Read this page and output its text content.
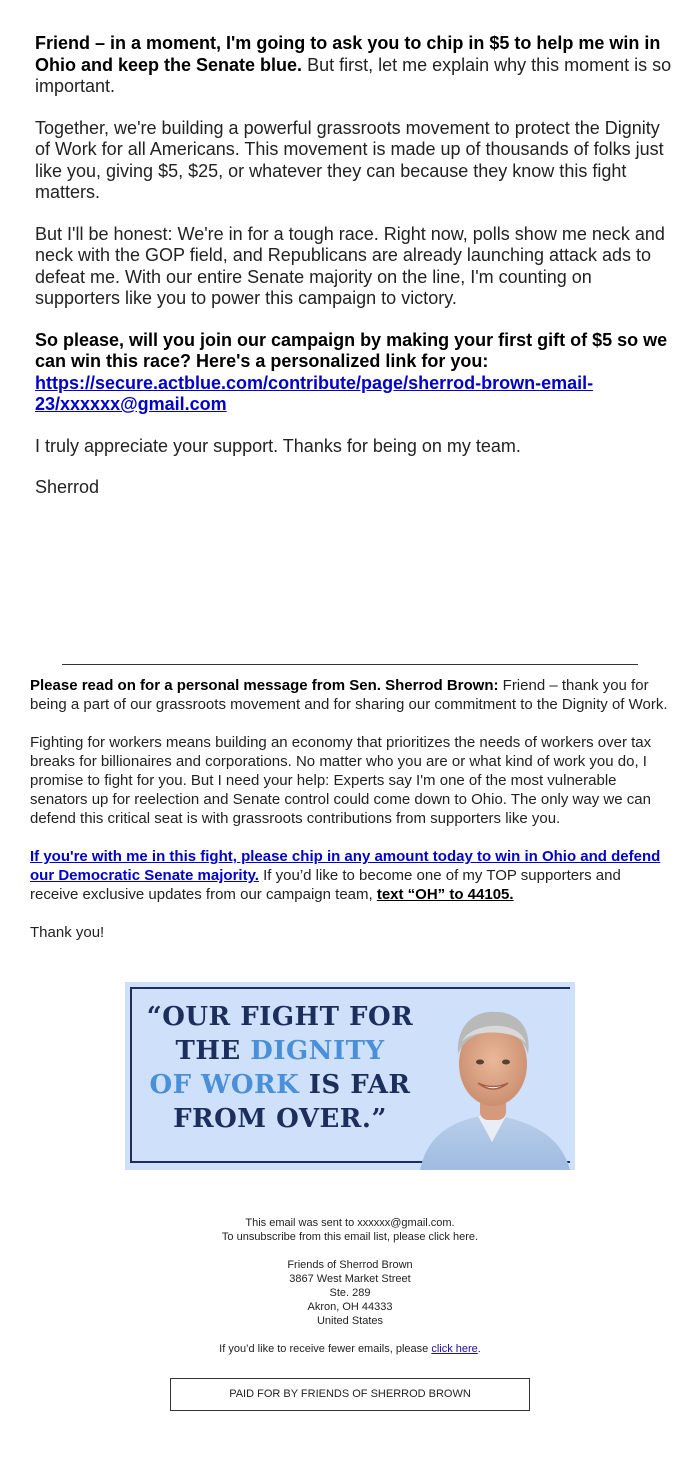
Friend – in a moment, I'm going to ask you to chip in $5 to help me win in Ohio and keep the Senate blue. But first, let me explain why this moment is so important.

Together, we're building a powerful grassroots movement to protect the Dignity of Work for all Americans. This movement is made up of thousands of folks just like you, giving $5, $25, or whatever they can because they know this fight matters.

But I'll be honest: We're in for a tough race. Right now, polls show me neck and neck with the GOP field, and Republicans are already launching attack ads to defeat me. With our entire Senate majority on the line, I'm counting on supporters like you to power this campaign to victory.

So please, will you join our campaign by making your first gift of $5 so we can win this race? Here's a personalized link for you: https://secure.actblue.com/contribute/page/sherrod-brown-email-23/xxxxxx@gmail.com

I truly appreciate your support. Thanks for being on my team.

Sherrod

Please read on for a personal message from Sen. Sherrod Brown: Friend – thank you for being a part of our grassroots movement and for sharing our commitment to the Dignity of Work.

Fighting for workers means building an economy that prioritizes the needs of workers over tax breaks for billionaires and corporations. No matter who you are or what kind of work you do, I promise to fight for you. But I need your help: Experts say I'm one of the most vulnerable senators up for reelection and Senate control could come down to Ohio. The only way we can defend this critical seat is with grassroots contributions from supporters like you.

If you're with me in this fight, please chip in any amount today to win in Ohio and defend our Democratic Senate majority. If you’d like to become one of my TOP supporters and receive exclusive updates from our campaign team, text “OH” to 44105.

Thank you!

“OUR FIGHT FOR
THE DIGNITY
OF WORK IS FAR
FROM OVER.”

This email was sent to xxxxxx@gmail.com.
To unsubscribe from this email list, please click here.

Friends of Sherrod Brown
3867 West Market Street
Ste. 289
Akron, OH 44333
United States

If you’d like to receive fewer emails, please click here.

PAID FOR BY FRIENDS OF SHERROD BROWN
